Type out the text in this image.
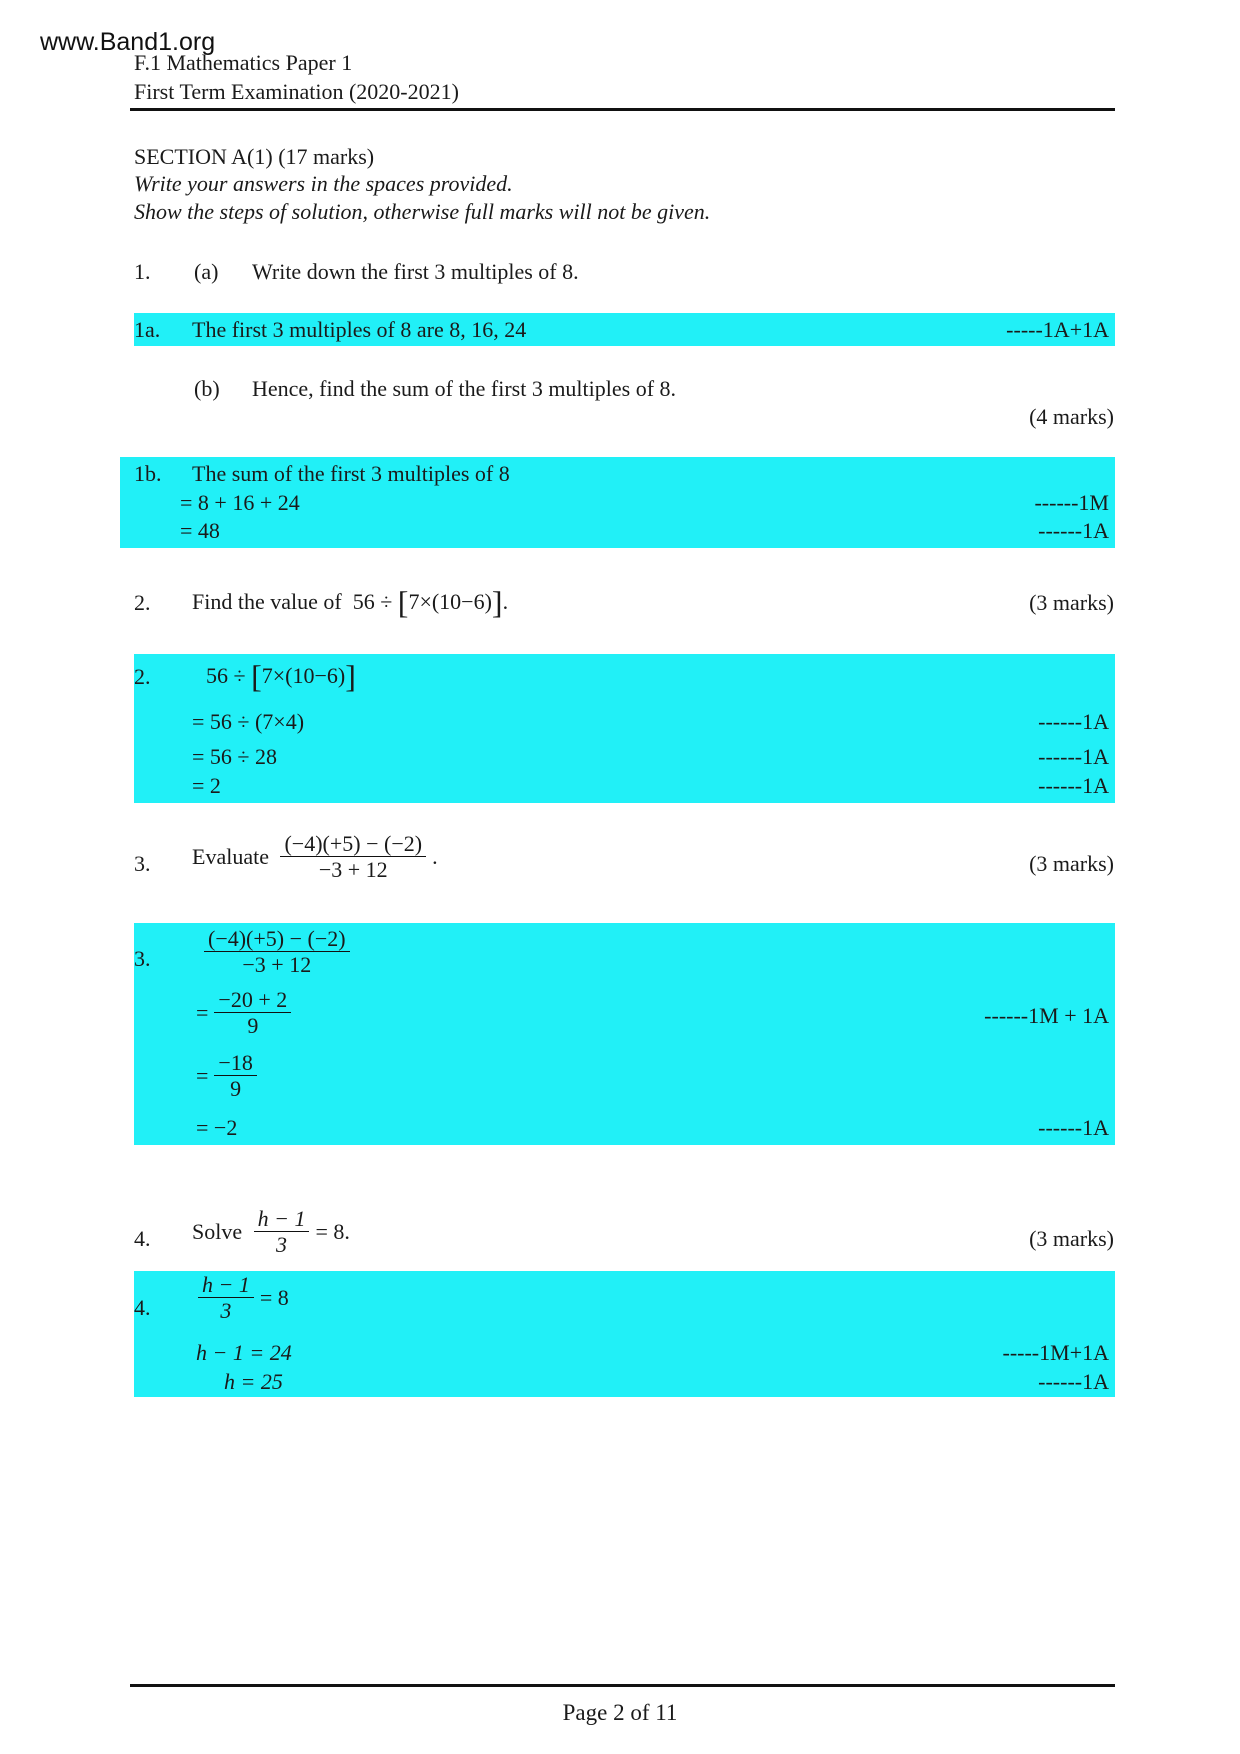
www.Band1.org
F.1 Mathematics Paper 1
First Term Examination (2020-2021)
SECTION A(1) (17 marks)
Write your answers in the spaces provided.
Show the steps of solution, otherwise full marks will not be given.
1. (a) Write down the first 3 multiples of 8.
1a. The first 3 multiples of 8 are 8, 16, 24	-----1A+1A
(b) Hence, find the sum of the first 3 multiples of 8.
(4 marks)
1b. The sum of the first 3 multiples of 8
= 8 + 16 + 24	------1M
= 48	------1A
2. Find the value of 56 ÷ [7×(10−6)].	(3 marks)
2.	56 ÷ [7×(10−6)]
= 56 ÷ (7×4)	------1A
= 56 ÷ 28	------1A
= 2	------1A
3. Evaluate $\frac{(-4)(+5) - (-2)}{-3 + 12}$ .	(3 marks)
3. $\frac{(-4)(+5) - (-2)}{-3 + 12}$
= $\frac{-20 + 2}{9}$	------1M + 1A
= $\frac{-18}{9}$
= −2	------1A
4. Solve $\frac{h - 1}{3} = 8$.	(3 marks)
4. $\frac{h - 1}{3} = 8$
h − 1 = 24	-----1M+1A
h = 25	------1A
Page 2 of 11
